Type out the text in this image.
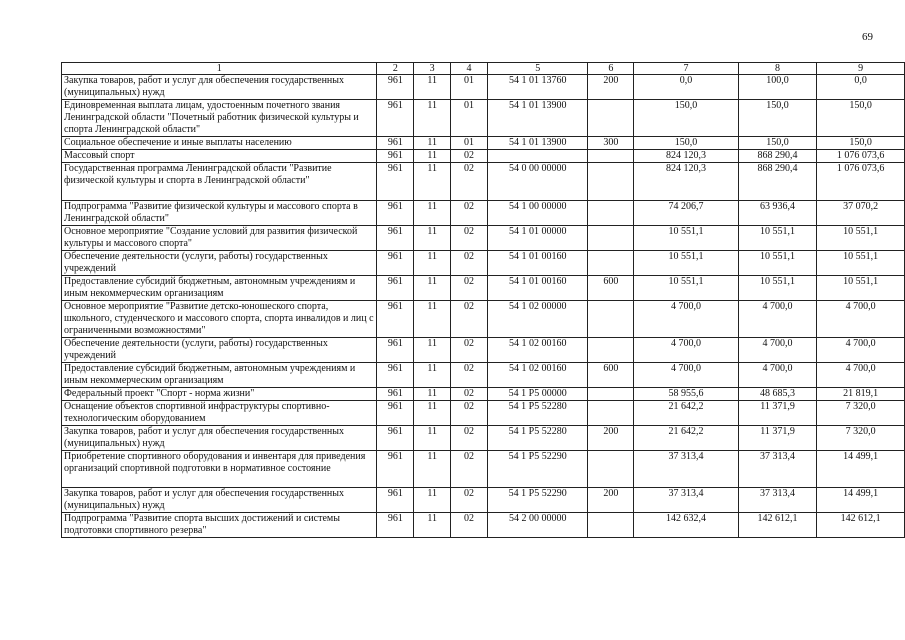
69
1	2	3	4	5	6	7	8	9
Закупка товаров, работ и услуг для обеспечения государственных (муниципальных) нужд	961	11	01	54 1 01 13760	200	0,0	100,0	0,0
Единовременная выплата лицам, удостоенным почетного звания Ленинградской области "Почетный работник физической культуры и спорта Ленинградской области"	961	11	01	54 1 01 13900		150,0	150,0	150,0
Социальное обеспечение и иные выплаты населению	961	11	01	54 1 01 13900	300	150,0	150,0	150,0
Массовый спорт	961	11	02			824 120,3	868 290,4	1 076 073,6
Государственная программа Ленинградской области "Развитие физической культуры и спорта в Ленинградской области"	961	11	02	54 0 00 00000		824 120,3	868 290,4	1 076 073,6
Подпрограмма "Развитие физической культуры и массового спорта в Ленинградской области"	961	11	02	54 1 00 00000		74 206,7	63 936,4	37 070,2
Основное мероприятие "Создание условий для развития физической культуры и массового спорта"	961	11	02	54 1 01 00000		10 551,1	10 551,1	10 551,1
Обеспечение деятельности (услуги, работы) государственных учреждений	961	11	02	54 1 01 00160		10 551,1	10 551,1	10 551,1
Предоставление субсидий бюджетным, автономным учреждениям и иным некоммерческим организациям	961	11	02	54 1 01 00160	600	10 551,1	10 551,1	10 551,1
Основное мероприятие "Развитие детско-юношеского спорта, школьного, студенческого и массового спорта, спорта инвалидов и лиц с ограниченными возможностями"	961	11	02	54 1 02 00000		4 700,0	4 700,0	4 700,0
Обеспечение деятельности (услуги, работы) государственных учреждений	961	11	02	54 1 02 00160		4 700,0	4 700,0	4 700,0
Предоставление субсидий бюджетным, автономным учреждениям и иным некоммерческим организациям	961	11	02	54 1 02 00160	600	4 700,0	4 700,0	4 700,0
Федеральный проект "Спорт - норма жизни"	961	11	02	54 1 P5 00000		58 955,6	48 685,3	21 819,1
Оснащение объектов спортивной инфраструктуры спортивно-технологическим оборудованием	961	11	02	54 1 P5 52280		21 642,2	11 371,9	7 320,0
Закупка товаров, работ и услуг для обеспечения государственных (муниципальных) нужд	961	11	02	54 1 P5 52280	200	21 642,2	11 371,9	7 320,0
Приобретение спортивного оборудования и инвентаря для приведения организаций спортивной подготовки в нормативное состояние	961	11	02	54 1 P5 52290		37 313,4	37 313,4	14 499,1
Закупка товаров, работ и услуг для обеспечения государственных (муниципальных) нужд	961	11	02	54 1 P5 52290	200	37 313,4	37 313,4	14 499,1
Подпрограмма "Развитие спорта высших достижений и системы подготовки спортивного резерва"	961	11	02	54 2 00 00000		142 632,4	142 612,1	142 612,1
